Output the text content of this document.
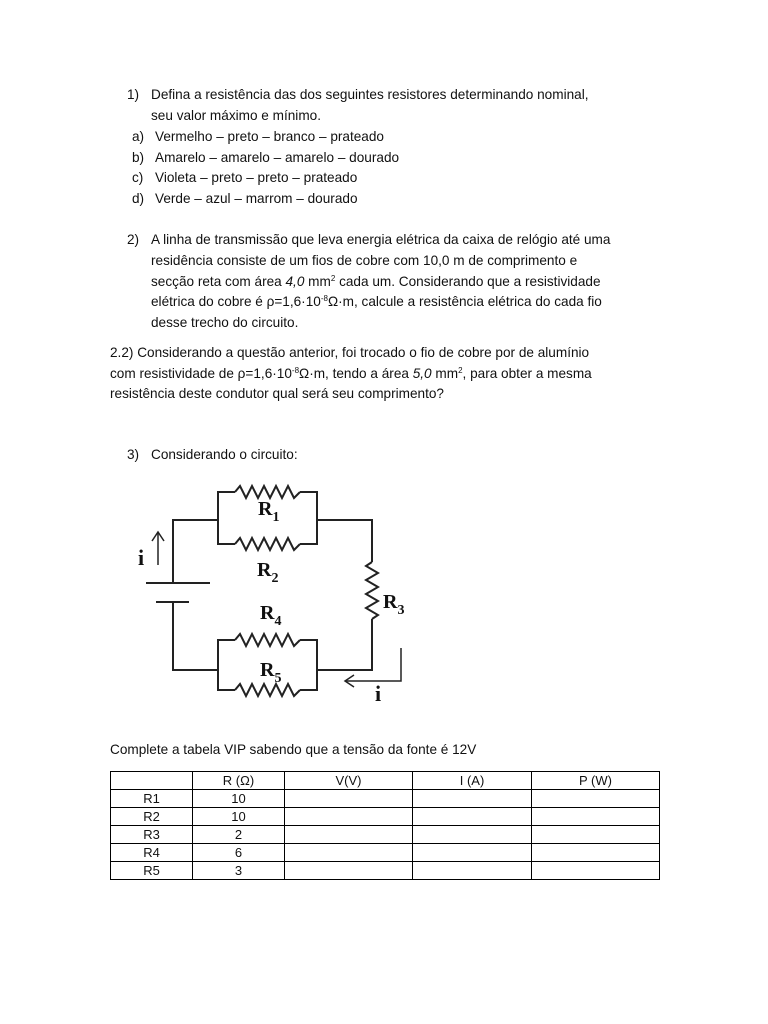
1) Defina a resistência das dos seguintes resistores determinando nominal,
seu valor máximo e mínimo.
a) Vermelho – preto – branco – prateado
b) Amarelo – amarelo – amarelo – dourado
c) Violeta – preto – preto – prateado
d) Verde – azul – marrom – dourado
2) A linha de transmissão que leva energia elétrica da caixa de relógio até uma
residência consiste de um fios de cobre com 10,0 m de comprimento e
secção reta com área 4,0 $mm^2$ cada um. Considerando que a resistividade
elétrica do cobre é $\rho=1,6\cdot 10^{-8}\Omega\cdot m$, calcule a resistência elétrica do cada fio
desse trecho do circuito.
2.2) Considerando a questão anterior, foi trocado o fio de cobre por de alumínio
com resistividade de $\rho=1,6\cdot 10^{-8}\Omega\cdot m$, tendo a área 5,0 $mm^2$, para obter a mesma
resistência deste condutor qual será seu comprimento?
3) Considerando o circuito:
i
i
$R_1$
$R_2$
$R_3$
$R_4$
$R_5$
Complete a tabela VIP sabendo que a tensão da fonte é 12V
	R (Ω)	V(V)	I (A)	P (W)
R1	10			
R2	10			
R3	2			
R4	6			
R5	3			
